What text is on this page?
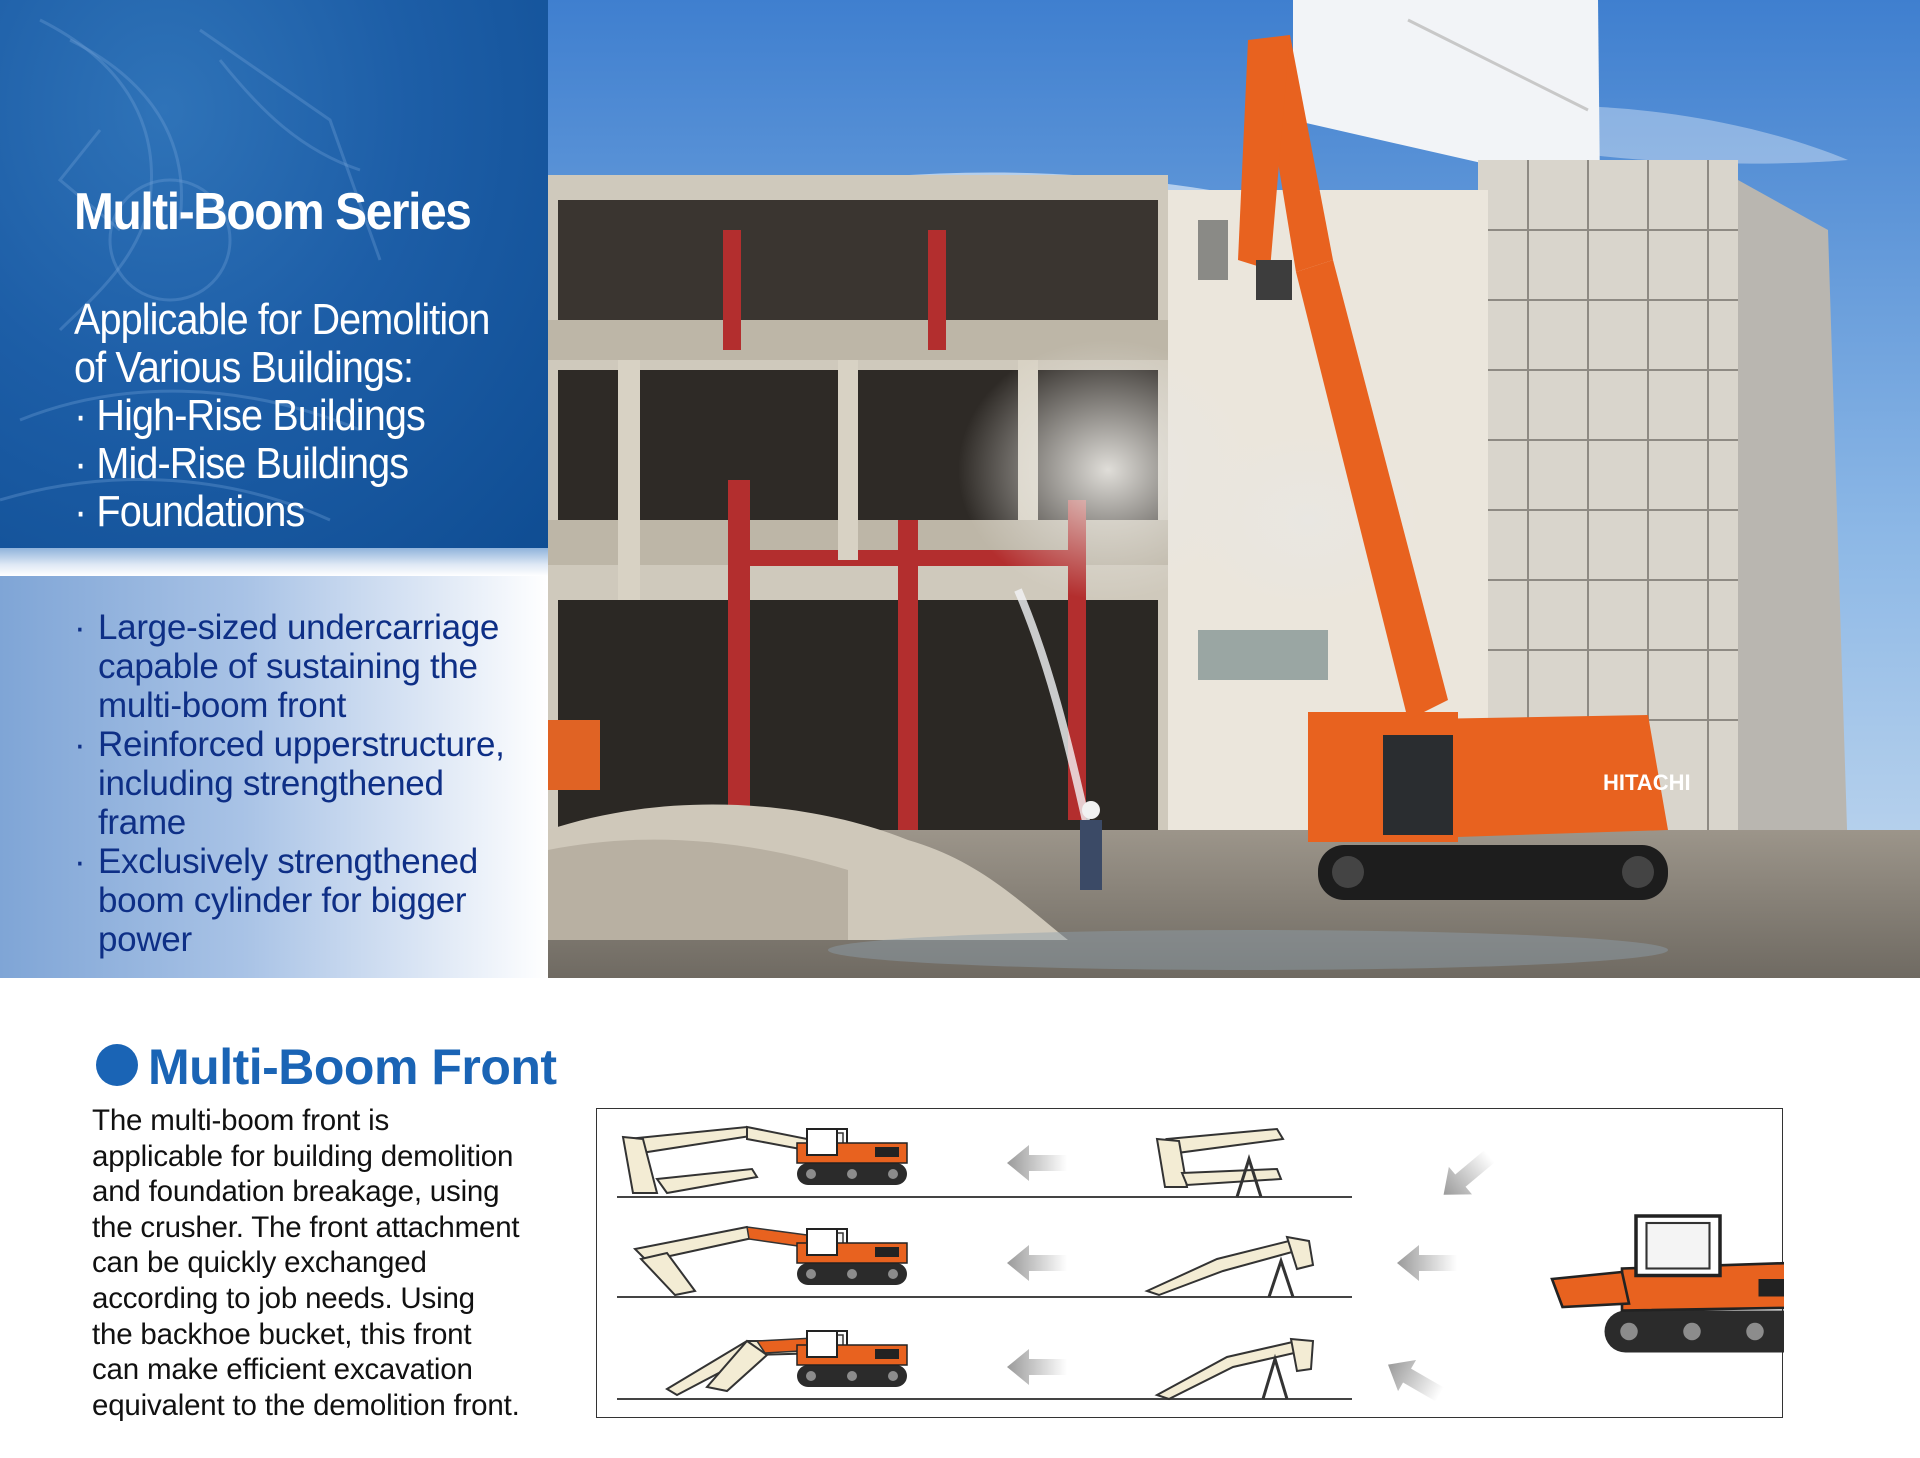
Multi-Boom Series
Applicable for Demolition
of Various Buildings:
· High-Rise Buildings
· Mid-Rise Buildings
· Foundations
· Large-sized undercarriage
capable of sustaining the
multi-boom front
· Reinforced upperstructure,
including strengthened
frame
· Exclusively strengthened
boom cylinder for bigger
power
HITACHI
Multi-Boom Front
The multi-boom front is
applicable for building demolition
and foundation breakage, using
the crusher. The front attachment
can be quickly exchanged
according to job needs. Using
the backhoe bucket, this front
can make efficient excavation
equivalent to the demolition front.
